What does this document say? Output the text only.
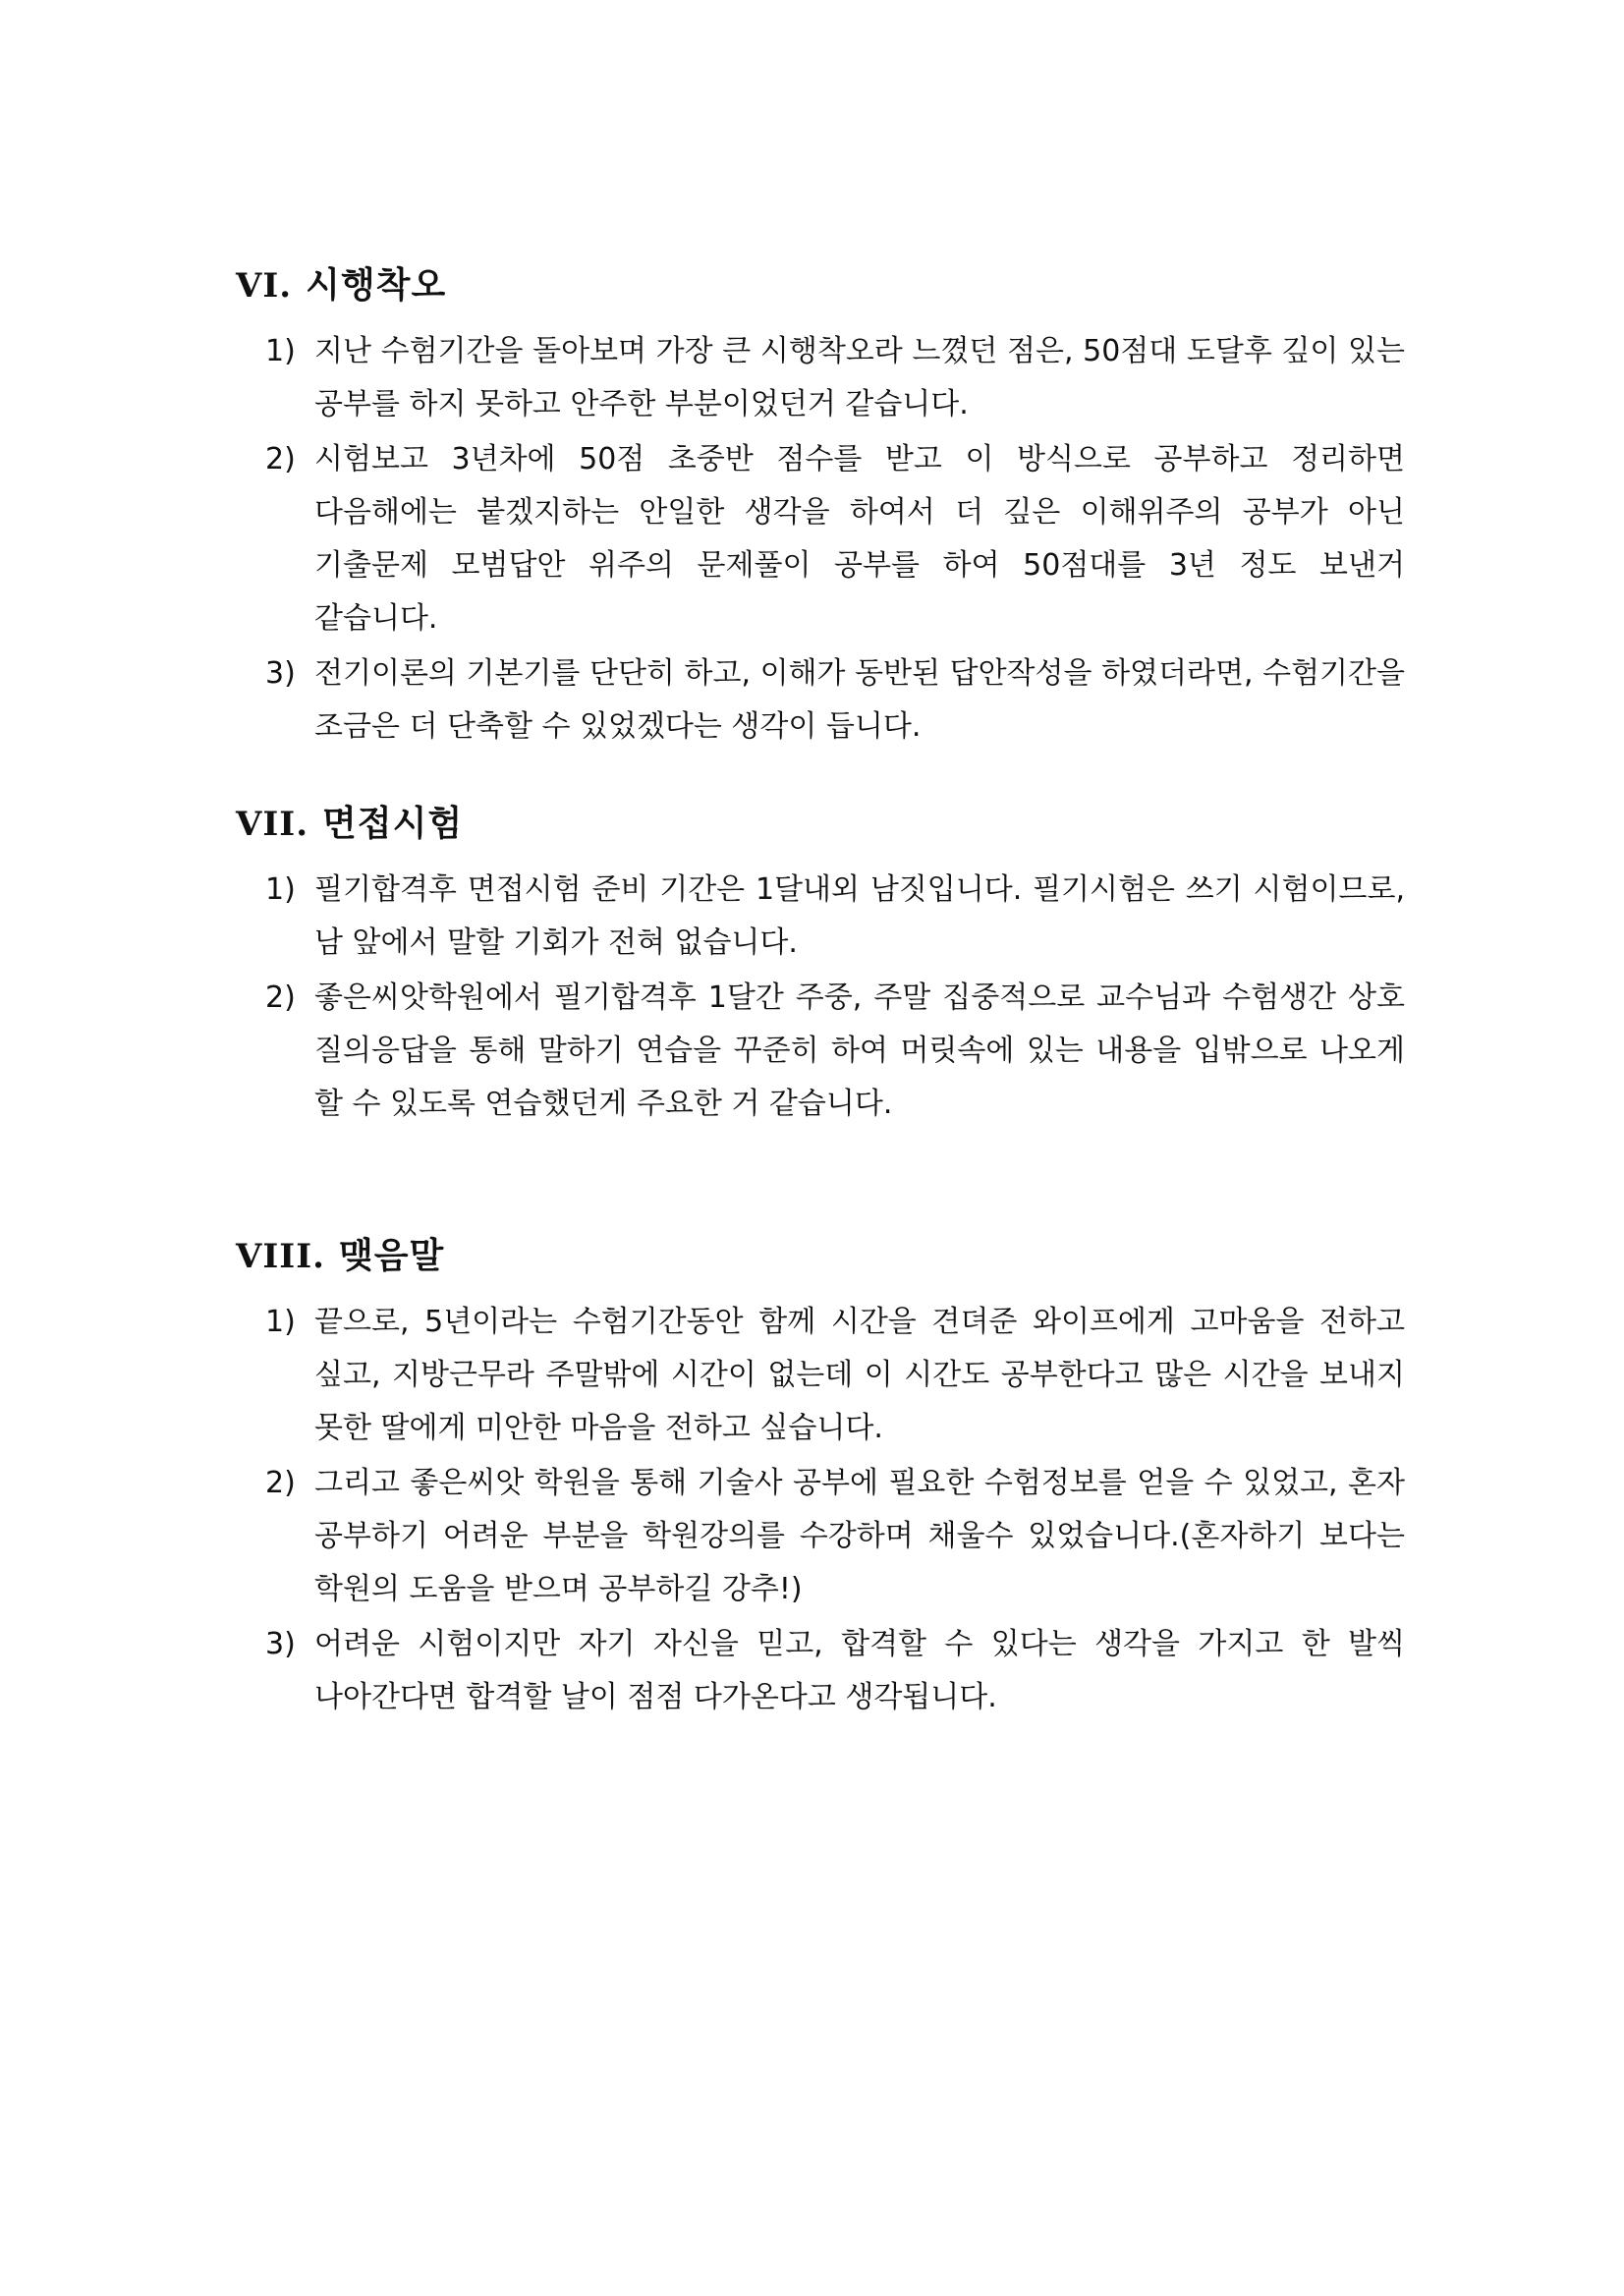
VI. 시행착오
1) 지난 수험기간을 돌아보며 가장 큰 시행착오라 느꼈던 점은, 50점대 도달후 깊이 있는 공부를 하지 못하고 안주한 부분이었던거 같습니다.
2) 시험보고 3년차에 50점 초중반 점수를 받고 이 방식으로 공부하고 정리하면 다음해에는 붙겠지하는 안일한 생각을 하여서 더 깊은 이해위주의 공부가 아닌 기출문제 모범답안 위주의 문제풀이 공부를 하여 50점대를 3년 정도 보낸거 같습니다.
3) 전기이론의 기본기를 단단히 하고, 이해가 동반된 답안작성을 하였더라면, 수험기간을 조금은 더 단축할 수 있었겠다는 생각이 듭니다.
VII. 면접시험
1) 필기합격후 면접시험 준비 기간은 1달내외 남짓입니다. 필기시험은 쓰기 시험이므로, 남 앞에서 말할 기회가 전혀 없습니다.
2) 좋은씨앗학원에서 필기합격후 1달간 주중, 주말 집중적으로 교수님과 수험생간 상호 질의응답을 통해 말하기 연습을 꾸준히 하여 머릿속에 있는 내용을 입밖으로 나오게 할 수 있도록 연습했던게 주요한 거 같습니다.
VIII. 맺음말
1) 끝으로, 5년이라는 수험기간동안 함께 시간을 견뎌준 와이프에게 고마움을 전하고 싶고, 지방근무라 주말밖에 시간이 없는데 이 시간도 공부한다고 많은 시간을 보내지 못한 딸에게 미안한 마음을 전하고 싶습니다.
2) 그리고 좋은씨앗 학원을 통해 기술사 공부에 필요한 수험정보를 얻을 수 있었고, 혼자 공부하기 어려운 부분을 학원강의를 수강하며 채울수 있었습니다.(혼자하기 보다는 학원의 도움을 받으며 공부하길 강추!)
3) 어려운 시험이지만 자기 자신을 믿고, 합격할 수 있다는 생각을 가지고 한 발씩 나아간다면 합격할 날이 점점 다가온다고 생각됩니다.
